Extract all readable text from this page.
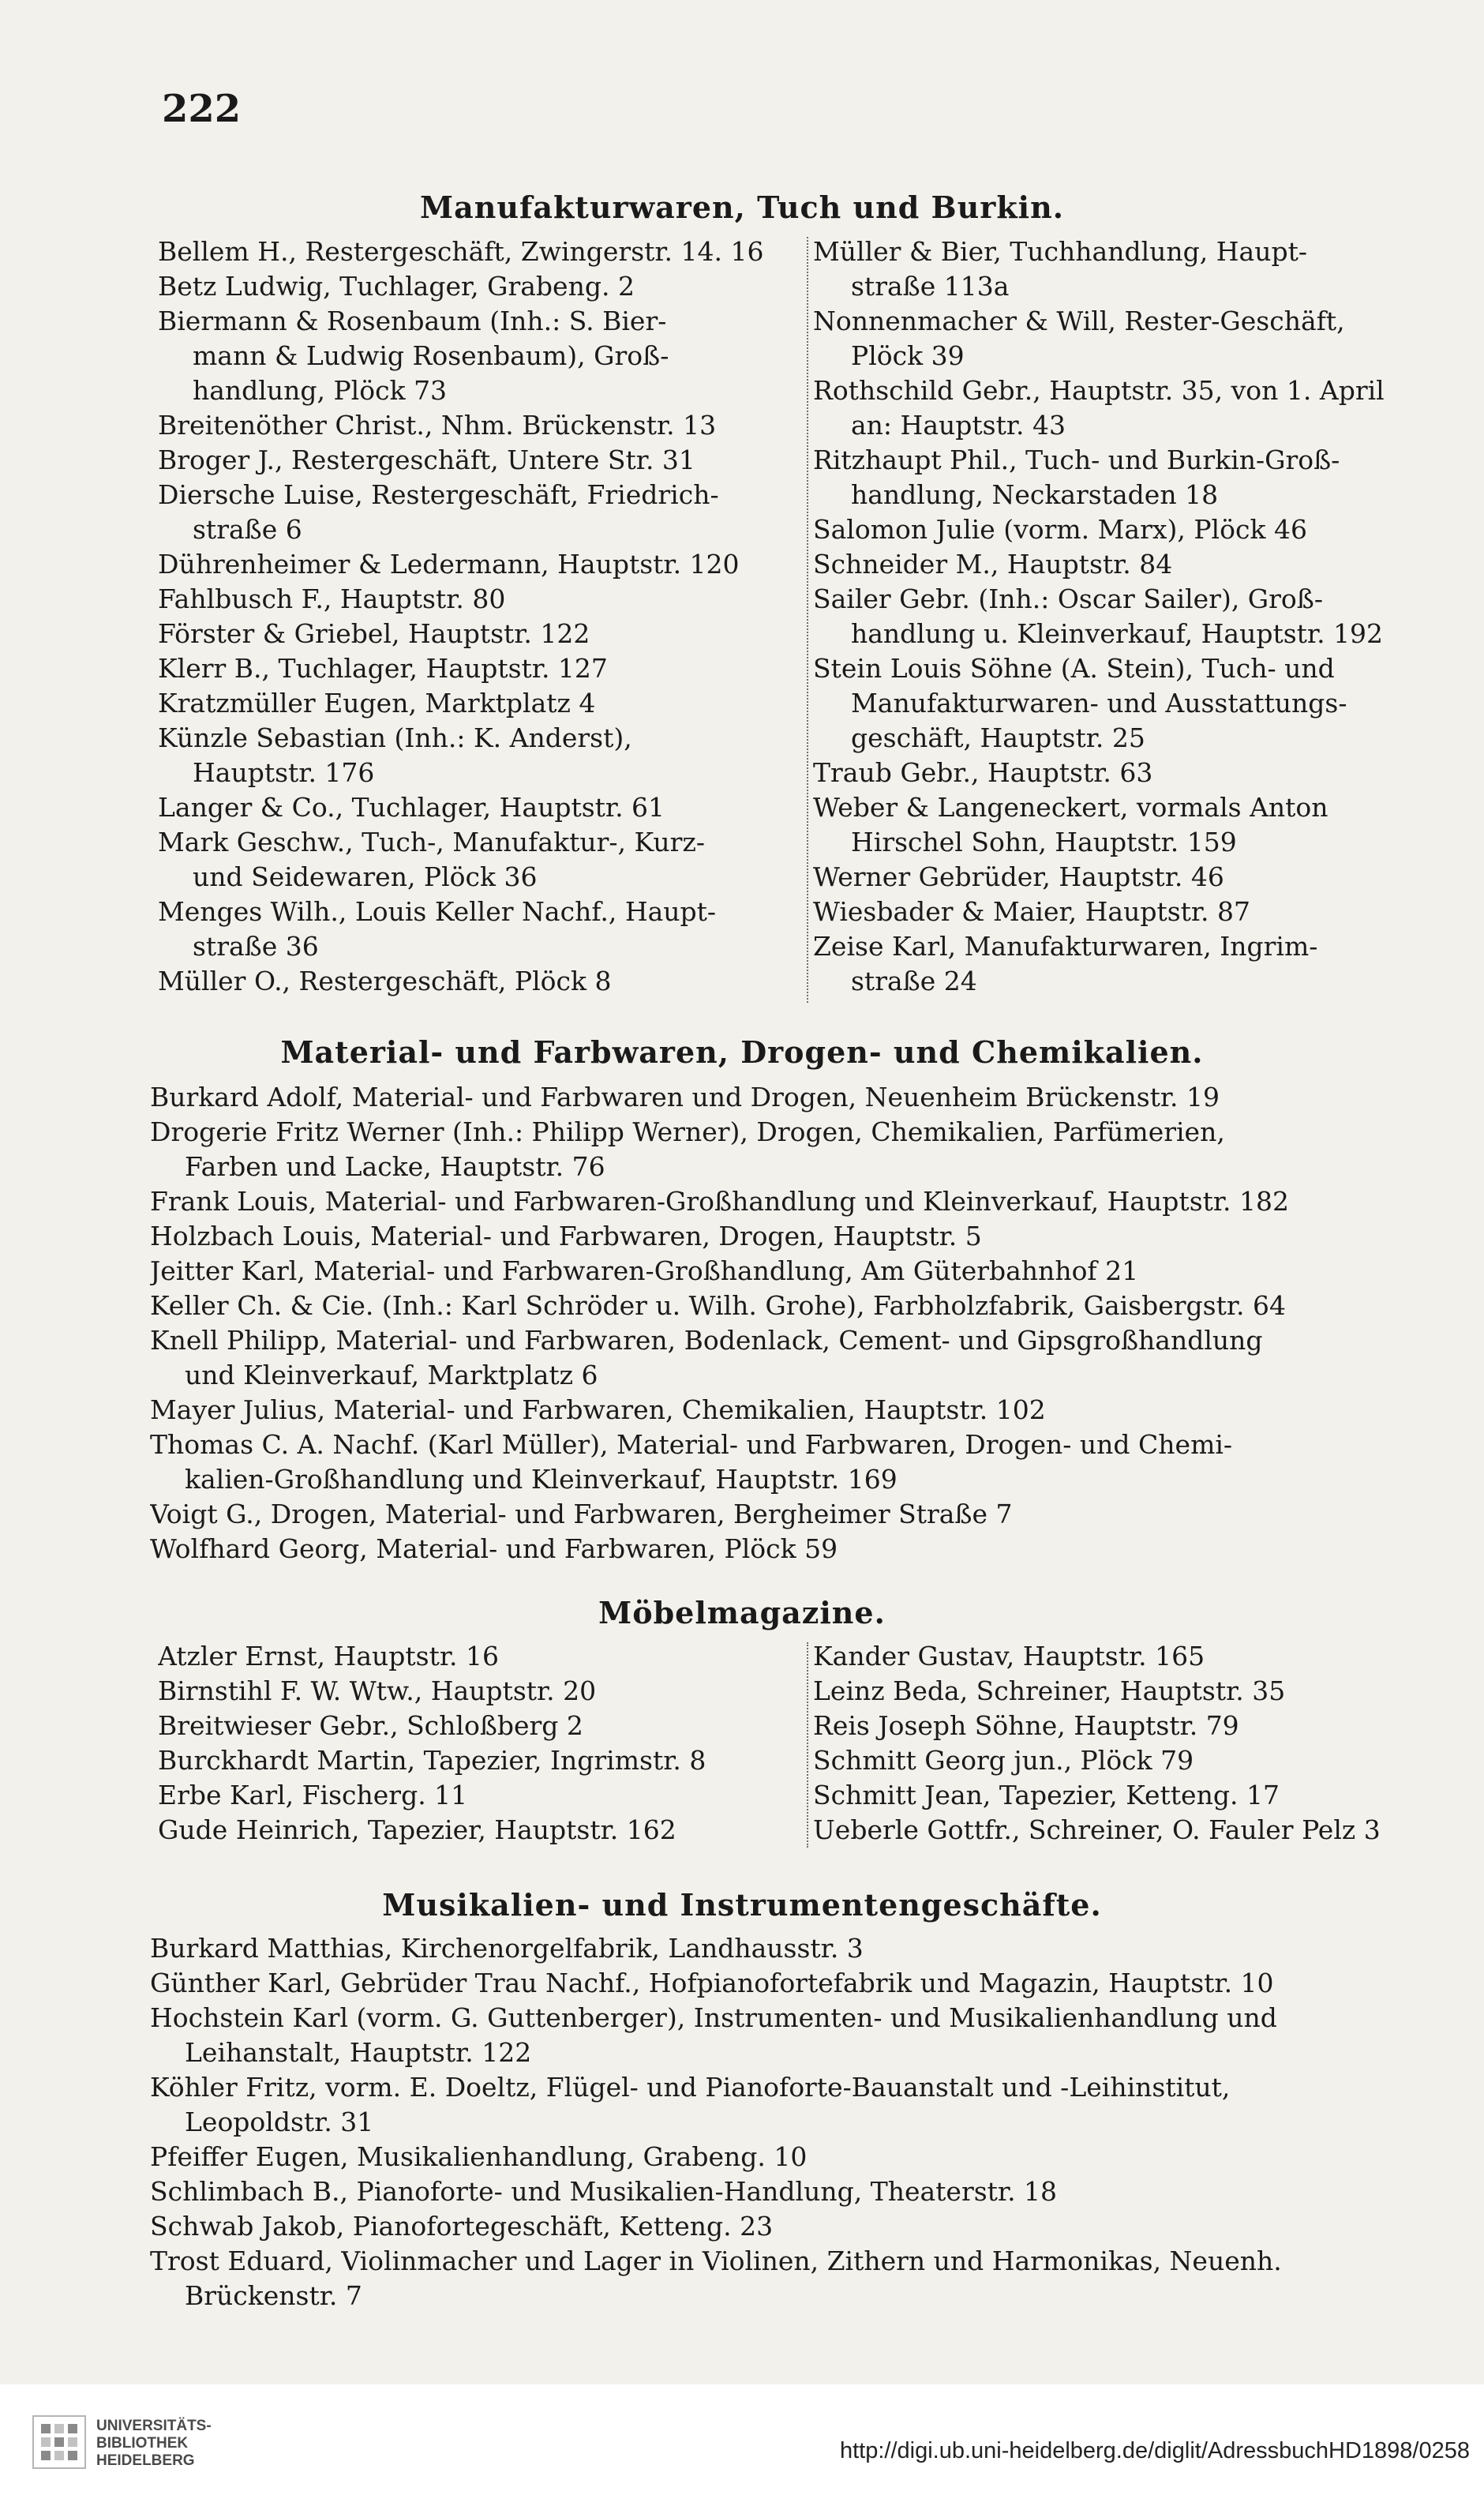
222
Manufakturwaren, Tuch und Burkin.
Bellem H., Restergeschäft, Zwingerstr. 14. 16
Betz Ludwig, Tuchlager, Grabeng. 2
Biermann & Rosenbaum (Inh.: S. Bier-
mann & Ludwig Rosenbaum), Groß-
handlung, Plöck 73
Breitenöther Christ., Nhm. Brückenstr. 13
Broger J., Restergeschäft, Untere Str. 31
Diersche Luise, Restergeschäft, Friedrich-
straße 6
Dührenheimer & Ledermann, Hauptstr. 120
Fahlbusch F., Hauptstr. 80
Förster & Griebel, Hauptstr. 122
Klerr B., Tuchlager, Hauptstr. 127
Kratzmüller Eugen, Marktplatz 4
Künzle Sebastian (Inh.: K. Anderst),
Hauptstr. 176
Langer & Co., Tuchlager, Hauptstr. 61
Mark Geschw., Tuch-, Manufaktur-, Kurz-
und Seidewaren, Plöck 36
Menges Wilh., Louis Keller Nachf., Haupt-
straße 36
Müller O., Restergeschäft, Plöck 8
Müller & Bier, Tuchhandlung, Haupt-
straße 113a
Nonnenmacher & Will, Rester-Geschäft,
Plöck 39
Rothschild Gebr., Hauptstr. 35, von 1. April
an: Hauptstr. 43
Ritzhaupt Phil., Tuch- und Burkin-Groß-
handlung, Neckarstaden 18
Salomon Julie (vorm. Marx), Plöck 46
Schneider M., Hauptstr. 84
Sailer Gebr. (Inh.: Oscar Sailer), Groß-
handlung u. Kleinverkauf, Hauptstr. 192
Stein Louis Söhne (A. Stein), Tuch- und
Manufakturwaren- und Ausstattungs-
geschäft, Hauptstr. 25
Traub Gebr., Hauptstr. 63
Weber & Langeneckert, vormals Anton
Hirschel Sohn, Hauptstr. 159
Werner Gebrüder, Hauptstr. 46
Wiesbader & Maier, Hauptstr. 87
Zeise Karl, Manufakturwaren, Ingrim-
straße 24
Material- und Farbwaren, Drogen- und Chemikalien.
Burkard Adolf, Material- und Farbwaren und Drogen, Neuenheim Brückenstr. 19
Drogerie Fritz Werner (Inh.: Philipp Werner), Drogen, Chemikalien, Parfümerien,
Farben und Lacke, Hauptstr. 76
Frank Louis, Material- und Farbwaren-Großhandlung und Kleinverkauf, Hauptstr. 182
Holzbach Louis, Material- und Farbwaren, Drogen, Hauptstr. 5
Jeitter Karl, Material- und Farbwaren-Großhandlung, Am Güterbahnhof 21
Keller Ch. & Cie. (Inh.: Karl Schröder u. Wilh. Grohe), Farbholzfabrik, Gaisbergstr. 64
Knell Philipp, Material- und Farbwaren, Bodenlack, Cement- und Gipsgroßhandlung
und Kleinverkauf, Marktplatz 6
Mayer Julius, Material- und Farbwaren, Chemikalien, Hauptstr. 102
Thomas C. A. Nachf. (Karl Müller), Material- und Farbwaren, Drogen- und Chemi-
kalien-Großhandlung und Kleinverkauf, Hauptstr. 169
Voigt G., Drogen, Material- und Farbwaren, Bergheimer Straße 7
Wolfhard Georg, Material- und Farbwaren, Plöck 59
Möbelmagazine.
Atzler Ernst, Hauptstr. 16
Birnstihl F. W. Wtw., Hauptstr. 20
Breitwieser Gebr., Schloßberg 2
Burckhardt Martin, Tapezier, Ingrimstr. 8
Erbe Karl, Fischerg. 11
Gude Heinrich, Tapezier, Hauptstr. 162
Kander Gustav, Hauptstr. 165
Leinz Beda, Schreiner, Hauptstr. 35
Reis Joseph Söhne, Hauptstr. 79
Schmitt Georg jun., Plöck 79
Schmitt Jean, Tapezier, Ketteng. 17
Ueberle Gottfr., Schreiner, O. Fauler Pelz 3
Musikalien- und Instrumentengeschäfte.
Burkard Matthias, Kirchenorgelfabrik, Landhausstr. 3
Günther Karl, Gebrüder Trau Nachf., Hofpianofortefabrik und Magazin, Hauptstr. 10
Hochstein Karl (vorm. G. Guttenberger), Instrumenten- und Musikalienhandlung und
Leihanstalt, Hauptstr. 122
Köhler Fritz, vorm. E. Doeltz, Flügel- und Pianoforte-Bauanstalt und -Leihinstitut,
Leopoldstr. 31
Pfeiffer Eugen, Musikalienhandlung, Grabeng. 10
Schlimbach B., Pianoforte- und Musikalien-Handlung, Theaterstr. 18
Schwab Jakob, Pianofortegeschäft, Ketteng. 23
Trost Eduard, Violinmacher und Lager in Violinen, Zithern und Harmonikas, Neuenh.
Brückenstr. 7
UNIVERSITÄTS-
BIBLIOTHEK
HEIDELBERG	http://digi.ub.uni-heidelberg.de/diglit/AdressbuchHD1898/0258
